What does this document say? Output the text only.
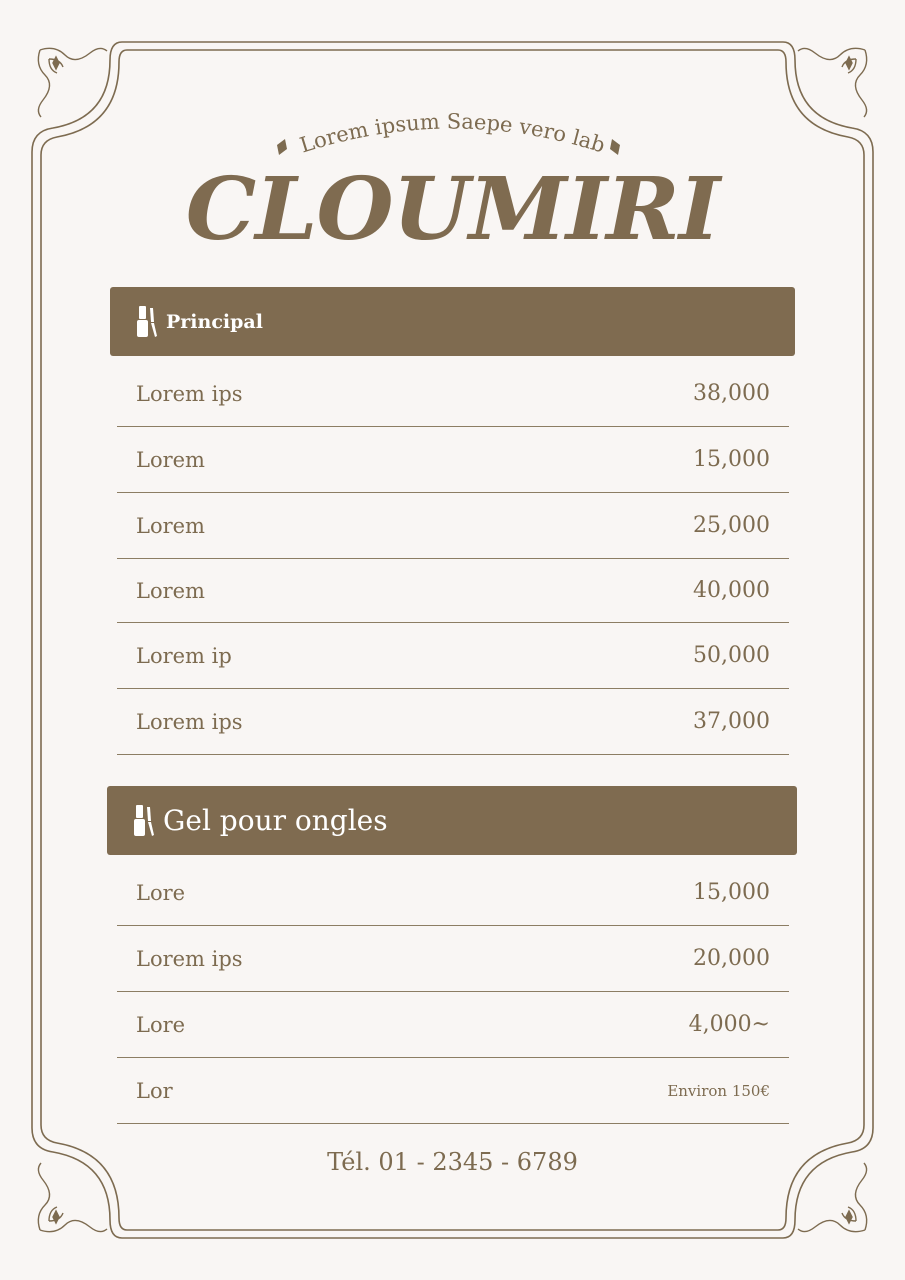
Lorem ipsum Saepe vero lab
CLOUMIRI
Principal
Lorem ips	38,000
Lorem	15,000
Lorem	25,000
Lorem	40,000
Lorem ip	50,000
Lorem ips	37,000
Gel pour ongles
Lore	15,000
Lorem ips	20,000
Lore	4,000~
Lor	Environ 150€
Tél. 01 - 2345 - 6789
